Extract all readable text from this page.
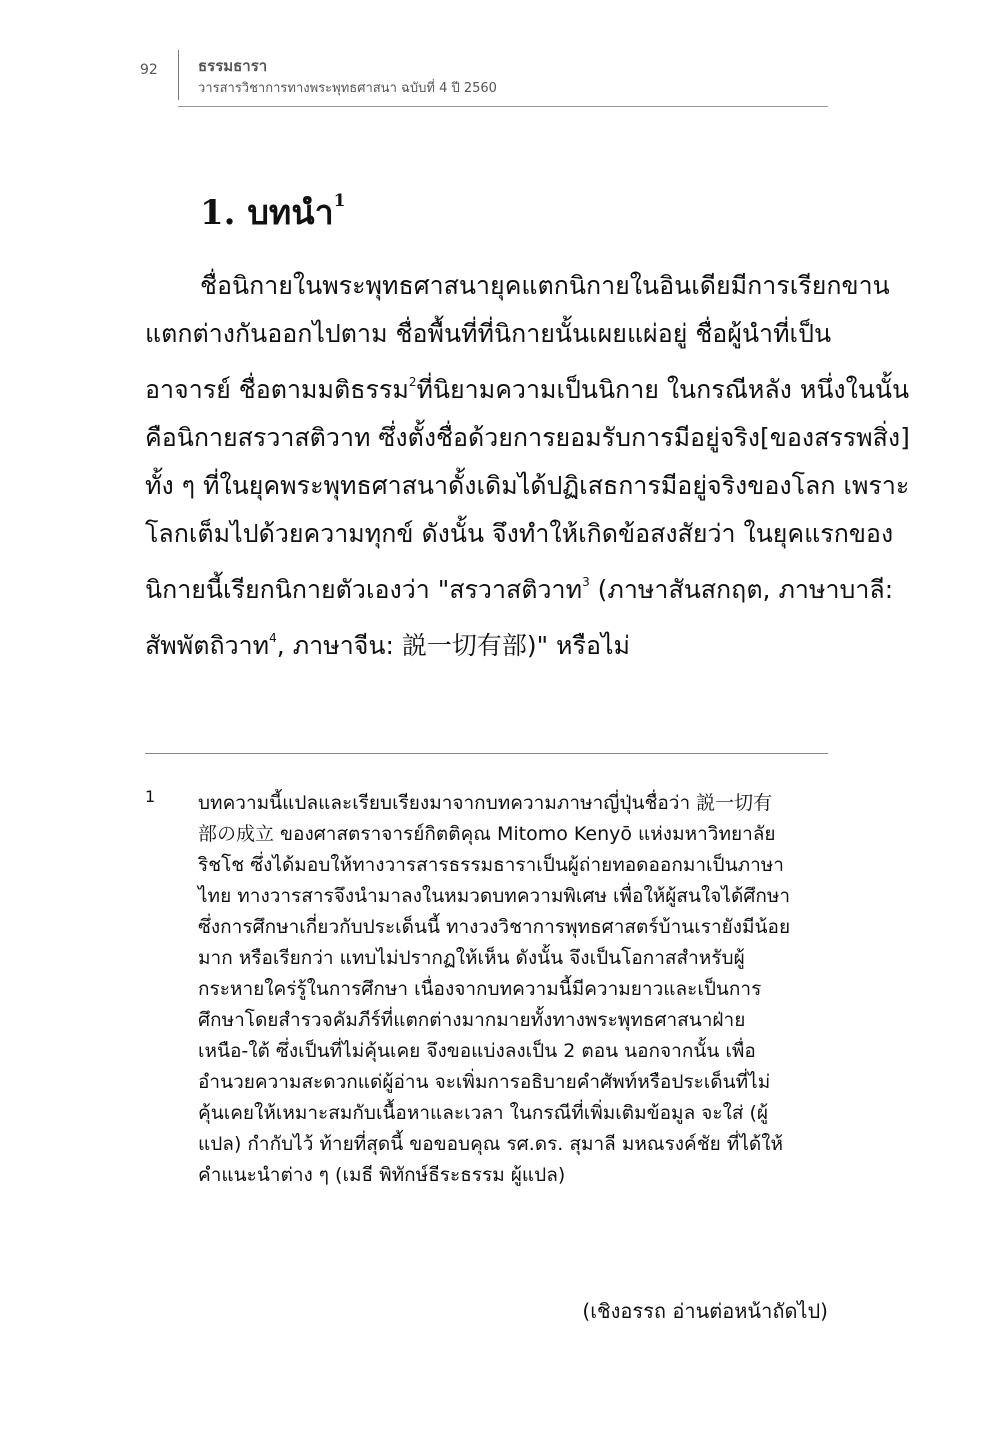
92	ธรรมธารา
วารสารวิชาการทางพระพุทธศาสนา ฉบับที่ 4 ปี 2560
1. บทนำ$^1$
ชื่อนิกายในพระพุทธศาสนายุคแตกนิกายในอินเดียมีการเรียกขาน
แตกต่างกันออกไปตาม ชื่อพื้นที่ที่นิกายนั้นเผยแผ่อยู่ ชื่อผู้นำที่เป็น
อาจารย์ ชื่อตามมติธรรม$^2$ที่นิยามความเป็นนิกาย ในกรณีหลัง หนึ่งในนั้น
คือนิกายสรวาสติวาท ซึ่งตั้งชื่อด้วยการยอมรับการมีอยู่จริง[ของสรรพสิ่ง]
ทั้ง ๆ ที่ในยุคพระพุทธศาสนาดั้งเดิมได้ปฏิเสธการมีอยู่จริงของโลก เพราะ
โลกเต็มไปด้วยความทุกข์ ดังนั้น จึงทำให้เกิดข้อสงสัยว่า ในยุคแรกของ
นิกายนี้เรียกนิกายตัวเองว่า "สรวาสติวาท$^3$ (ภาษาสันสกฤต, ภาษาบาลี:
สัพพัตถิวาท$^4$, ภาษาจีน: 説一切有部)" หรือไม่
1 บทความนี้แปลและเรียบเรียงมาจากบทความภาษาญี่ปุ่นชื่อว่า 説一切有
部の成立 ของศาสตราจารย์กิตติคุณ Mitomo Kenyō แห่งมหาวิทยาลัย
ริชโช ซึ่งได้มอบให้ทางวารสารธรรมธาราเป็นผู้ถ่ายทอดออกมาเป็นภาษา
ไทย ทางวารสารจึงนำมาลงในหมวดบทความพิเศษ เพื่อให้ผู้สนใจได้ศึกษา
ซึ่งการศึกษาเกี่ยวกับประเด็นนี้ ทางวงวิชาการพุทธศาสตร์บ้านเรายังมีน้อย
มาก หรือเรียกว่า แทบไม่ปรากฏให้เห็น ดังนั้น จึงเป็นโอกาสสำหรับผู้
กระหายใคร่รู้ในการศึกษา เนื่องจากบทความนี้มีความยาวและเป็นการ
ศึกษาโดยสำรวจคัมภีร์ที่แตกต่างมากมายทั้งทางพระพุทธศาสนาฝ่าย
เหนือ-ใต้ ซึ่งเป็นที่ไม่คุ้นเคย จึงขอแบ่งลงเป็น 2 ตอน นอกจากนั้น เพื่อ
อำนวยความสะดวกแด่ผู้อ่าน จะเพิ่มการอธิบายคำศัพท์หรือประเด็นที่ไม่
คุ้นเคยให้เหมาะสมกับเนื้อหาและเวลา ในกรณีที่เพิ่มเติมข้อมูล จะใส่ (ผู้
แปล) กำกับไว้ ท้ายที่สุดนี้ ขอขอบคุณ รศ.ดร. สุมาลี มหณรงค์ชัย ที่ได้ให้
คำแนะนำต่าง ๆ (เมธี พิทักษ์ธีระธรรม ผู้แปล)
(เชิงอรรถ อ่านต่อหน้าถัดไป)
